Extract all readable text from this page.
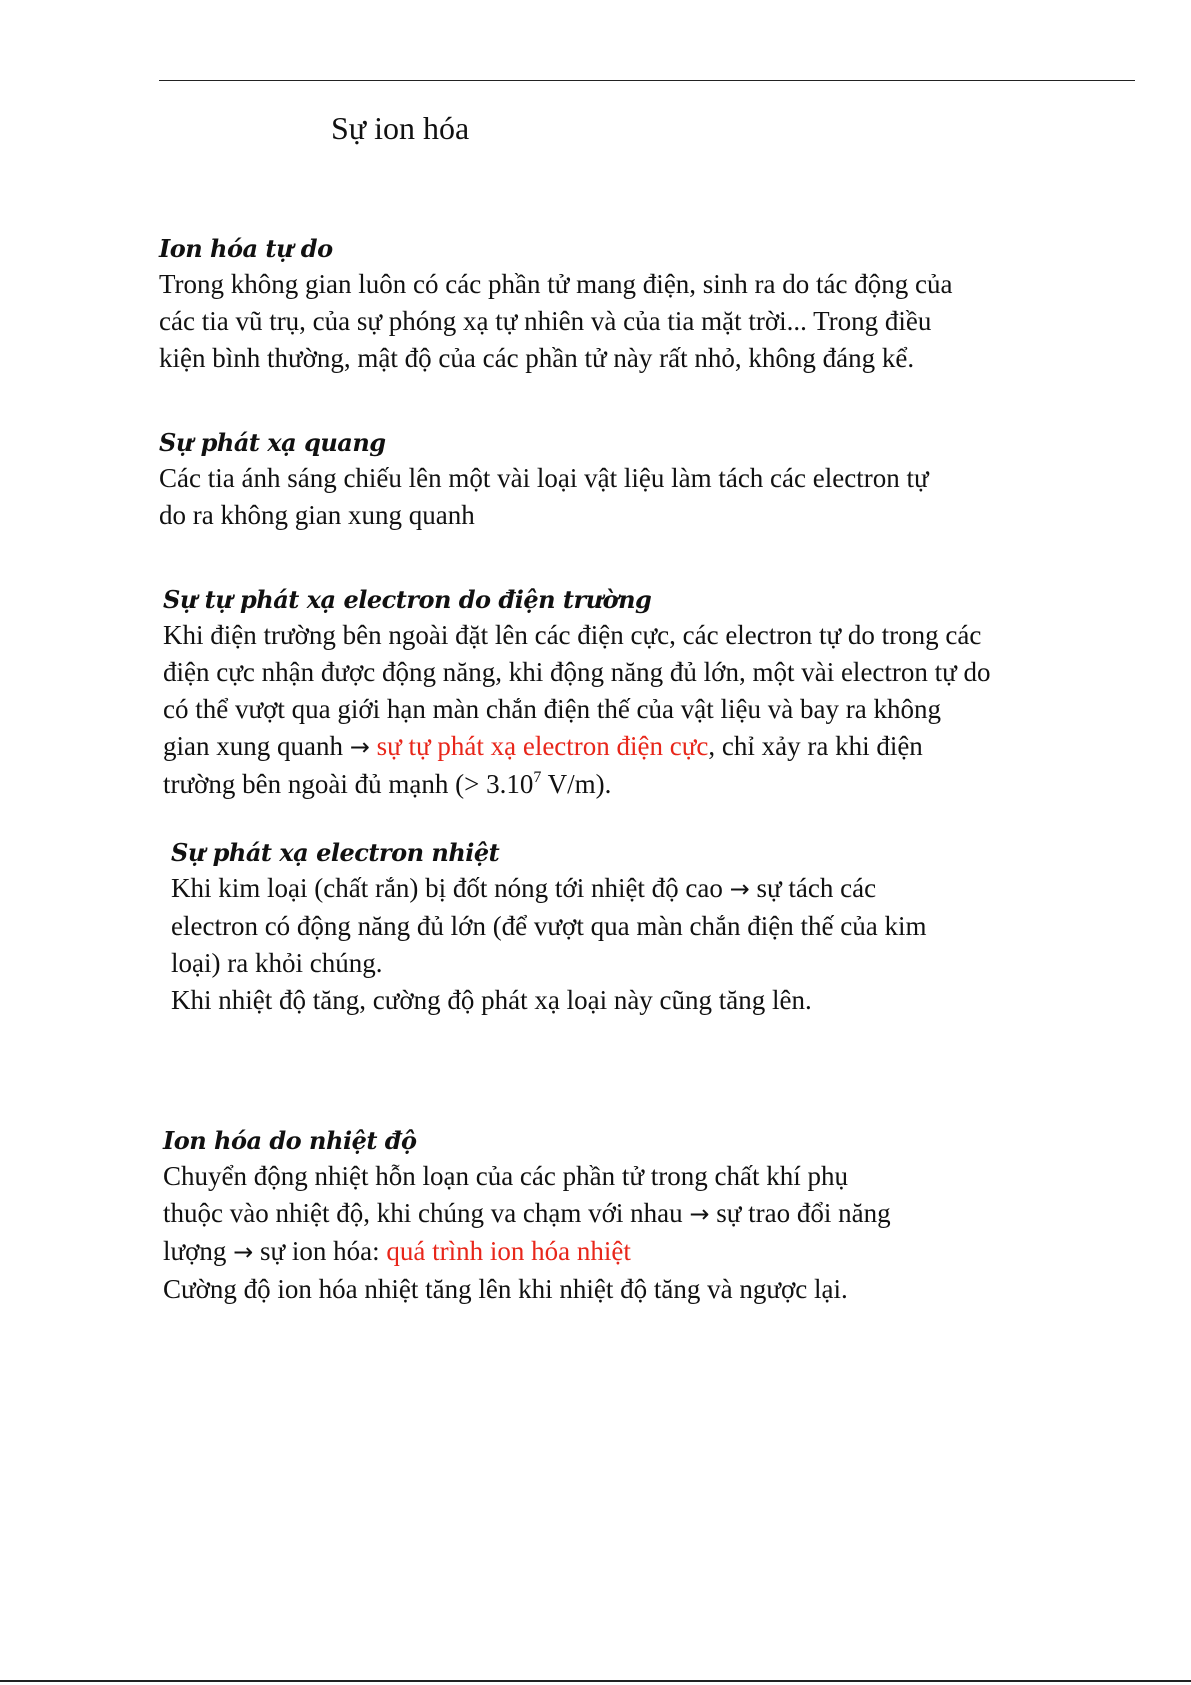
Sự ion hóa
Ion hóa tự do
Trong không gian luôn có các phần tử mang điện, sinh ra do tác động của
các tia vũ trụ, của sự phóng xạ tự nhiên và của tia mặt trời... Trong điều
kiện bình thường, mật độ của các phần tử này rất nhỏ, không đáng kể.
Sự phát xạ quang
Các tia ánh sáng chiếu lên một vài loại vật liệu làm tách các electron tự
do ra không gian xung quanh
Sự tự phát xạ electron do điện trường
Khi điện trường bên ngoài đặt lên các điện cực, các electron tự do trong các
điện cực nhận được động năng, khi động năng đủ lớn, một vài electron tự do
có thể vượt qua giới hạn màn chắn điện thế của vật liệu và bay ra không
gian xung quanh → sự tự phát xạ electron điện cực, chỉ xảy ra khi điện
trường bên ngoài đủ mạnh (> $3.10^7$ V/m).
Sự phát xạ electron nhiệt
Khi kim loại (chất rắn) bị đốt nóng tới nhiệt độ cao → sự tách các
electron có động năng đủ lớn (để vượt qua màn chắn điện thế của kim
loại) ra khỏi chúng.
Khi nhiệt độ tăng, cường độ phát xạ loại này cũng tăng lên.
Ion hóa do nhiệt độ
Chuyển động nhiệt hỗn loạn của các phần tử trong chất khí phụ
thuộc vào nhiệt độ, khi chúng va chạm với nhau → sự trao đổi năng
lượng → sự ion hóa: quá trình ion hóa nhiệt
Cường độ ion hóa nhiệt tăng lên khi nhiệt độ tăng và ngược lại.
